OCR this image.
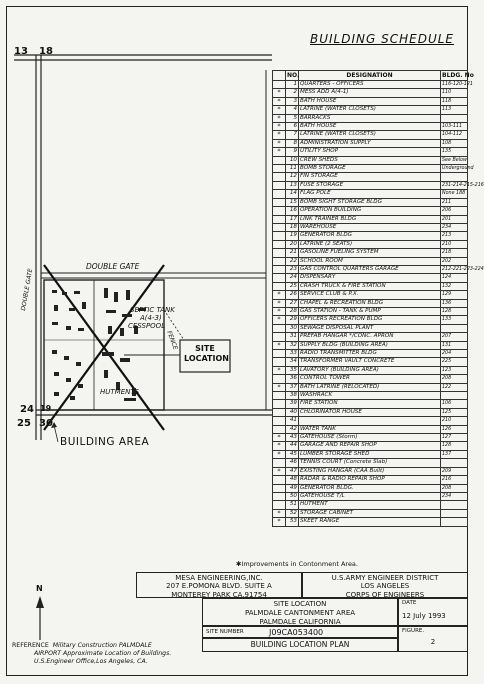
13 18
24 19
25 30
DOUBLE GATE
SEPTIC TANK
A(4-3)
CESSPOOL
SITE
LOCATION
HUTMENTS
DOUBLE GATE
FENCE
BUILDING AREA
BUILDING SCHEDULE
	NO.	DESIGNATION	BLDG. No
	1	QUARTERS - OFFICERS	116-120-121
*	2	MESS ADD A(4-1)	110
*	3	BATH HOUSE	118
*	4	LATRINE (WATER CLOSETS)	113
*	5	BARRACKS	
*	6	BATH HOUSE	103-111
*	7	LATRINE (WATER CLOSETS)	104-112
*	8	ADMINISTRATION SUPPLY	108
*	9	UTILITY SHOP	135
	10	CREW SHEDS	See Below
	11	BOMB STORAGE	Underground
	12	FIN STORAGE	
	13	FUSE STORAGE	231-214-215-216
	14	FLAG POLE	None 188
	15	BOMB SIGHT STORAGE BLDG	211
	16	OPERATION BUILDING	206
	17	LINK TRAINER BLDG	201
	18	WAREHOUSE	234
	19	GENERATOR BLDG	213
	20	LATRINE (2 SEATS)	210
	21	GASOLINE FUELING SYSTEM	218
	22	SCHOOL ROOM	202
	23	GAS CONTROL QUARTERS GARAGE	212-221-223-224
	24	DISPENSARY	124
	25	CRASH TRUCK & FIRE STATION	132
*	26	SERVICE CLUB & P.X.	129
*	27	CHAPEL & RECREATION BLDG	136
*	28	GAS STATION - TANK & PUMP	128
*	29	OFFICERS RECREATION BLDG	133
	30	SEWAGE DISPOSAL PLANT	
	31	PREFAB HANGAR */CONC. APRON	207
*	32	SUPPLY BLDG (BUILDING AREA)	131
	33	RADIO TRANSMITTER BLDG	204
	34	TRANSFORMER VAULT CONCRETE	225
*	35	LAVATORY (BUILDING AREA)	123
	36	CONTROL TOWER	208
*	37	BATH LATRINE (RELOCATED)	122
	38	WASHRACK	
	39	FIRE STATION	106
	40	CHLORINATOR HOUSE	125
	41		210
	42	WATER TANK	126
*	43	GATEHOUSE (Storm)	127
*	44	GARAGE AND REPAIR SHOP	128
*	45	LUMBER STORAGE SHED	137
	46	TENNIS COURT (Concrete Slab)	
*	47	EXISTING HANGAR (CAA Built)	209
	48	RADAR & RADIO REPAIR SHOP	216
	49	GENERATOR BLDG.	208
	50	GATEHOUSE T/L	234
	51	HUTMENT	
*	52	STORAGE CABINET	
*	53	SKEET RANGE	
✱Improvements in Contonment Area.
MESA ENGINEERING,INC.
207 E.POMONA BLVD. SUITE A
MONTEREY PARK CA.91754
U.S.ARMY ENGINEER DISTRICT
LOS ANGELES
CORPS OF ENGINEERS
SITE LOCATION
PALMDALE CANTONMENT AREA
PALMDALE CALIFORNIA
DATE
12 July 1993
SITE NUMBER	J09CA053400
BUILDING LOCATION PLAN
FIGURE.
2
N
REFERENCE Military Construction PALMDALE
AIRPORT Approximate Location of Buildings.
U.S.Engineer Office,Los Angeles, CA.
